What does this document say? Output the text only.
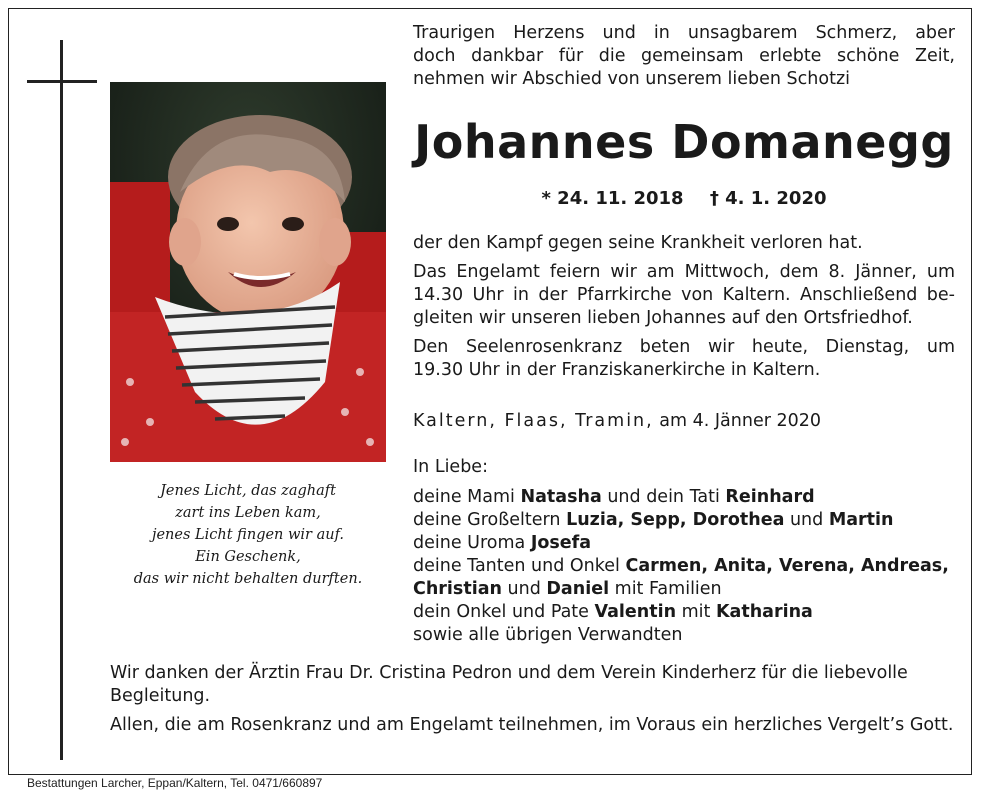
Jenes Licht, das zaghaft
zart ins Leben kam,
jenes Licht fingen wir auf.
Ein Geschenk,
das wir nicht behalten durften.
Traurigen Herzens und in unsagbarem Schmerz, aber
doch dankbar für die gemeinsam erlebte schöne Zeit,
nehmen wir Abschied von unserem lieben Schotzi
Johannes Domanegg
* 24. 11. 2018 † 4. 1. 2020
der den Kampf gegen seine Krankheit verloren hat.
Das Engelamt feiern wir am Mittwoch, dem 8. Jänner, um
14.30 Uhr in der Pfarrkirche von Kaltern. Anschließend be-
gleiten wir unseren lieben Johannes auf den Ortsfriedhof.
Den Seelenrosenkranz beten wir heute, Dienstag, um
19.30 Uhr in der Franziskanerkirche in Kaltern.
Kaltern, Flaas, Tramin, am 4. Jänner 2020
In Liebe:
deine Mami Natasha und dein Tati Reinhard
deine Großeltern Luzia, Sepp, Dorothea und Martin
deine Uroma Josefa
deine Tanten und Onkel Carmen, Anita, Verena, Andreas,
Christian und Daniel mit Familien
dein Onkel und Pate Valentin mit Katharina
sowie alle übrigen Verwandten
Wir danken der Ärztin Frau Dr. Cristina Pedron und dem Verein Kinderherz für die liebevolle Begleitung.
Allen, die am Rosenkranz und am Engelamt teilnehmen, im Voraus ein herzliches Vergelt’s Gott.
Bestattungen Larcher, Eppan/Kaltern, Tel. 0471/660897
